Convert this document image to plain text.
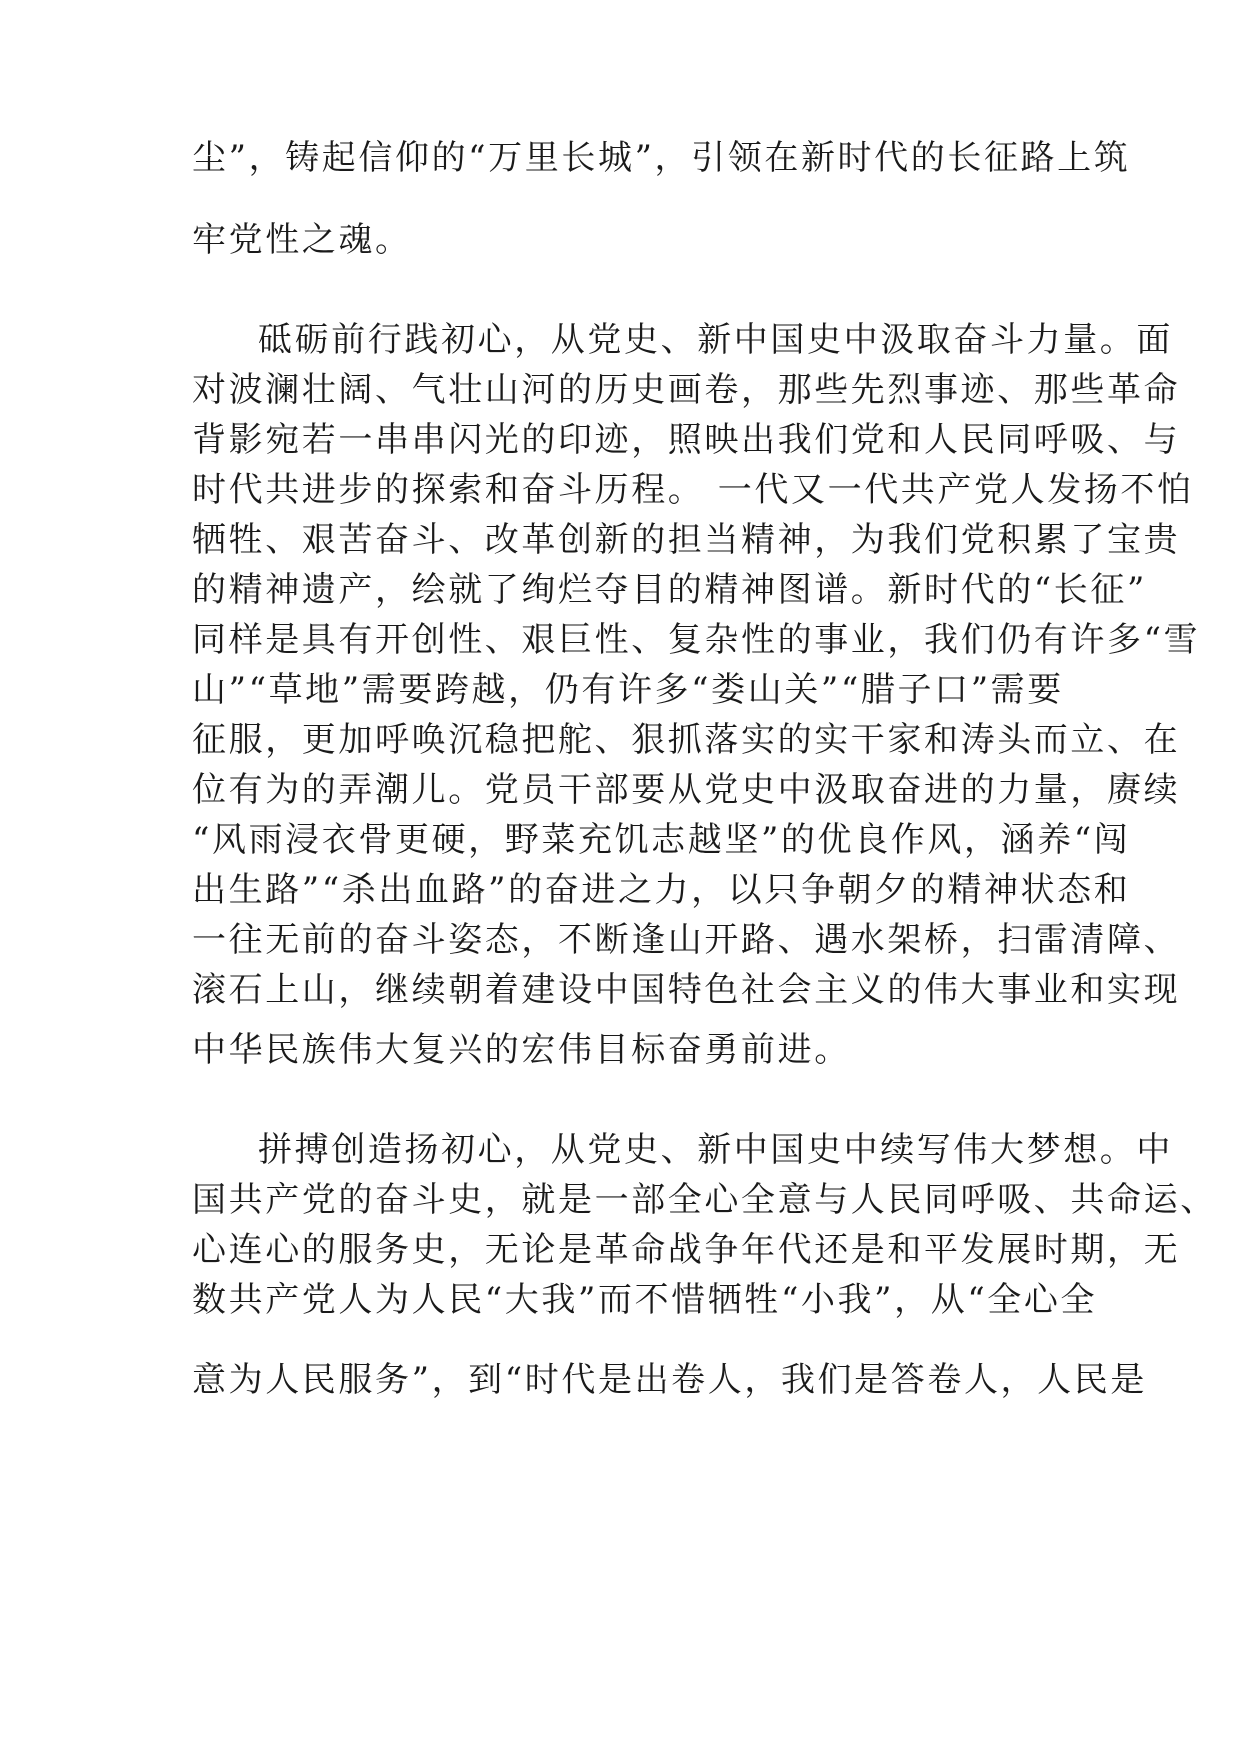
尘”，铸起信仰的“万里长城”，引领在新时代的长征路上筑
牢党性之魂。
砥砺前行践初心，从党史、新中国史中汲取奋斗力量。面
对波澜壮阔、气壮山河的历史画卷，那些先烈事迹、那些革命
背影宛若一串串闪光的印迹，照映出我们党和人民同呼吸、与
时代共进步的探索和奋斗历程。 一代又一代共产党人发扬不怕
牺牲、艰苦奋斗、改革创新的担当精神，为我们党积累了宝贵
的精神遗产，绘就了绚烂夺目的精神图谱。新时代的“长征”
同样是具有开创性、艰巨性、复杂性的事业，我们仍有许多“雪
山”“草地”需要跨越，仍有许多“娄山关”“腊子口”需要
征服，更加呼唤沉稳把舵、狠抓落实的实干家和涛头而立、在
位有为的弄潮儿。党员干部要从党史中汲取奋进的力量，赓续
“风雨浸衣骨更硬，野菜充饥志越坚”的优良作风，涵养“闯
出生路”“杀出血路”的奋进之力，以只争朝夕的精神状态和
一往无前的奋斗姿态，不断逢山开路、遇水架桥，扫雷清障、
滚石上山，继续朝着建设中国特色社会主义的伟大事业和实现
中华民族伟大复兴的宏伟目标奋勇前进。
拼搏创造扬初心，从党史、新中国史中续写伟大梦想。中
国共产党的奋斗史，就是一部全心全意与人民同呼吸、共命运、
心连心的服务史，无论是革命战争年代还是和平发展时期，无
数共产党人为人民“大我”而不惜牺牲“小我”，从“全心全
意为人民服务”，到“时代是出卷人，我们是答卷人，人民是
